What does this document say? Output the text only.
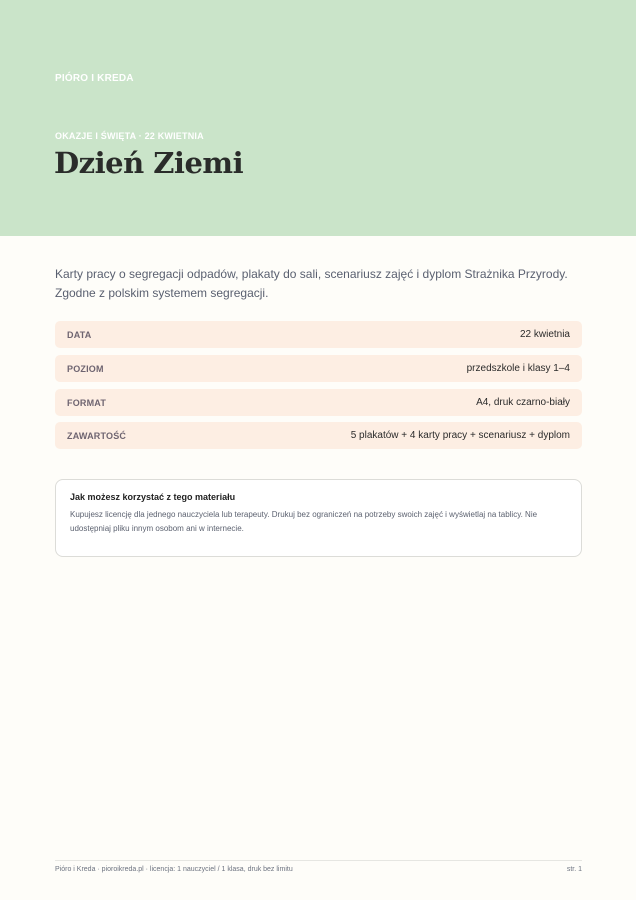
PIÓRO I KREDA
OKAZJE I ŚWIĘTA · 22 KWIETNIA
Dzień Ziemi

Karty pracy o segregacji odpadów, plakaty do sali, scenariusz zajęć i dyplom Strażnika Przyrody. Zgodne z polskim systemem segregacji.

DATA	22 kwietnia
POZIOM	przedszkole i klasy 1–4
FORMAT	A4, druk czarno-biały
ZAWARTOŚĆ	5 plakatów + 4 karty pracy + scenariusz + dyplom

Jak możesz korzystać z tego materiału

Kupujesz licencję dla jednego nauczyciela lub terapeuty. Drukuj bez ograniczeń na potrzeby swoich zajęć i wyświetlaj na tablicy. Nie udostępniaj pliku innym osobom ani w internecie.

Pióro i Kreda · pioroikreda.pl · licencja: 1 nauczyciel / 1 klasa, druk bez limitu	str. 1
